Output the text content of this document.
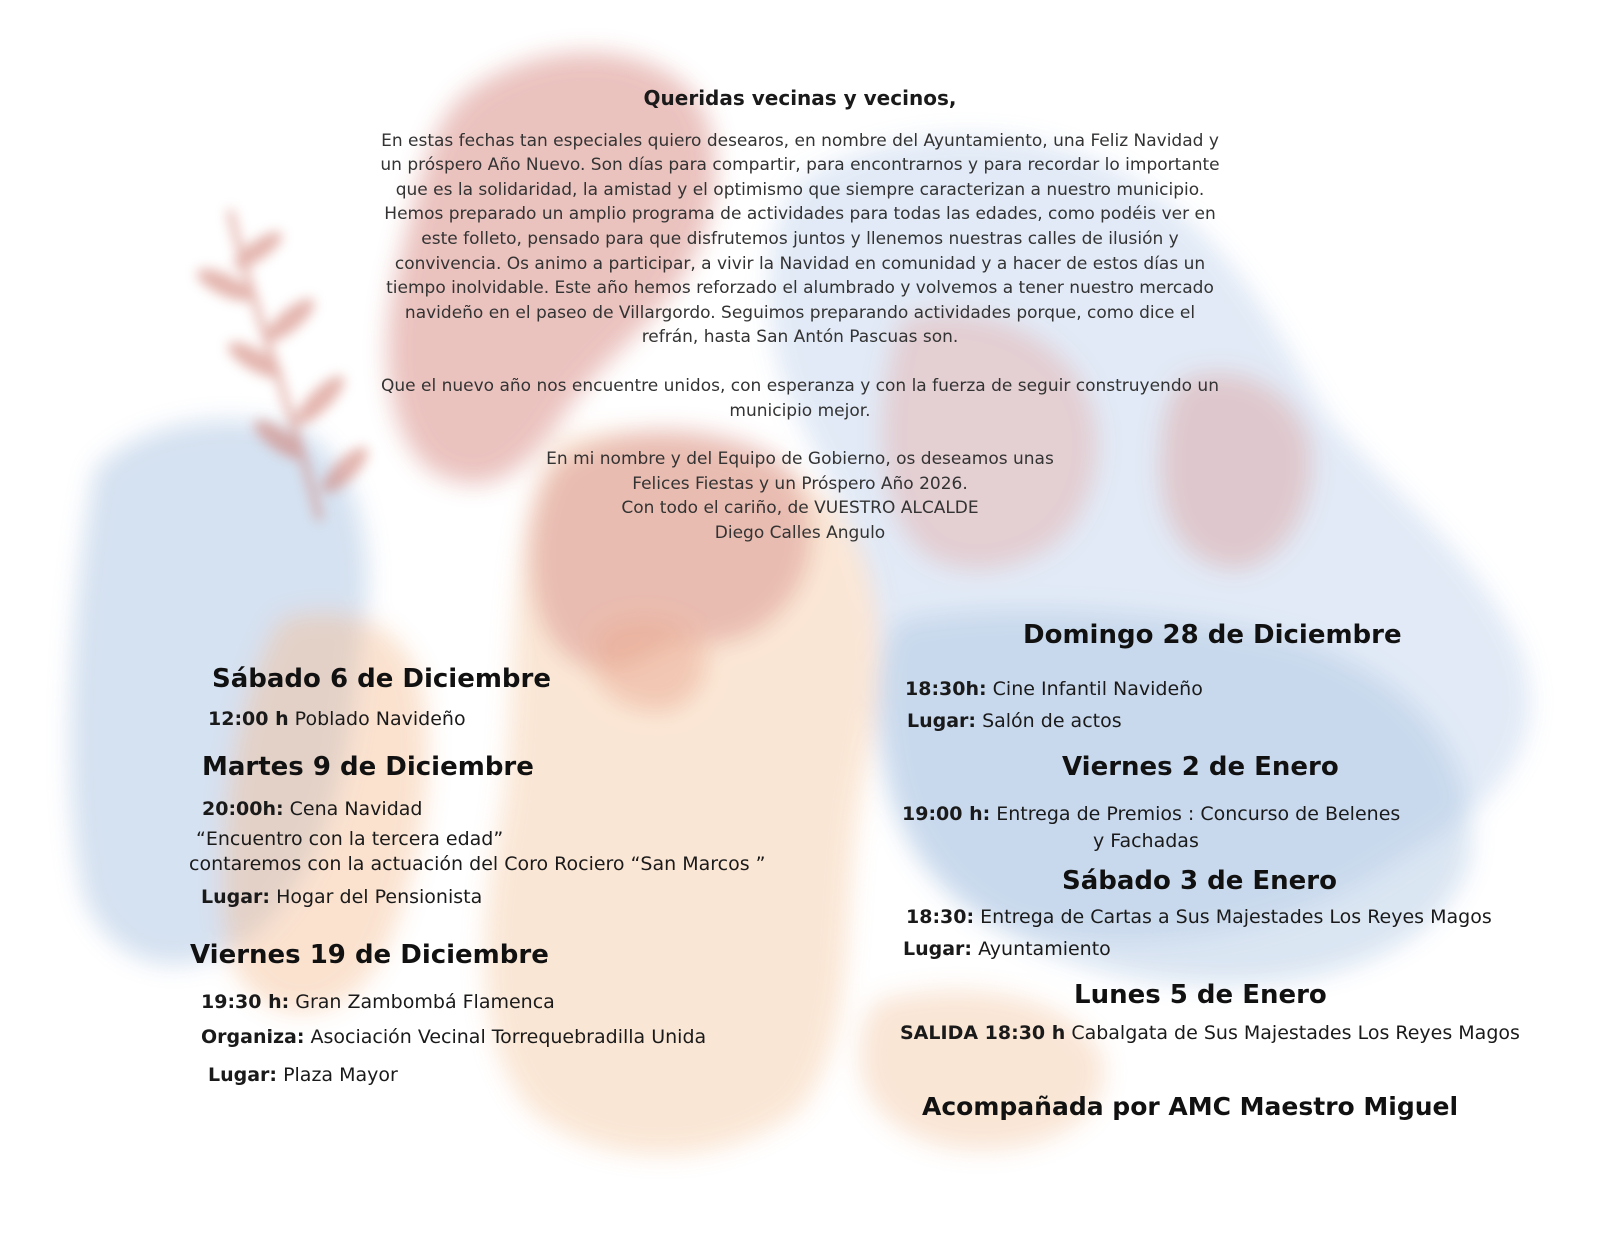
Queridas vecinas y vecinos,

En estas fechas tan especiales quiero desearos, en nombre del Ayuntamiento, una Feliz Navidad y un próspero Año Nuevo. Son días para compartir, para encontrarnos y para recordar lo importante que es la solidaridad, la amistad y el optimismo que siempre caracterizan a nuestro municipio.

Hemos preparado un amplio programa de actividades para todas las edades, como podéis ver en este folleto, pensado para que disfrutemos juntos y llenemos nuestras calles de ilusión y convivencia. Os animo a participar, a vivir la Navidad en comunidad y a hacer de estos días un tiempo inolvidable. Este año hemos reforzado el alumbrado y volvemos a tener nuestro mercado navideño en el paseo de Villargordo. Seguimos preparando actividades porque, como dice el refrán, hasta San Antón Pascuas son.

Que el nuevo año nos encuentre unidos, con esperanza y con la fuerza de seguir construyendo un municipio mejor.

En mi nombre y del Equipo de Gobierno, os deseamos unas

Felices Fiestas y un Próspero Año 2026.

Con todo el cariño, de VUESTRO ALCALDE

Diego Calles Angulo

Sábado 6 de Diciembre
12:00 h Poblado Navideño
Martes 9 de Diciembre
20:00h: Cena Navidad
“Encuentro con la tercera edad”
contaremos con la actuación del Coro Rociero “San Marcos ”
Lugar: Hogar del Pensionista
Viernes 19 de Diciembre
19:30 h: Gran Zambombá Flamenca
Organiza: Asociación Vecinal Torrequebradilla Unida
Lugar: Plaza Mayor
Domingo 28 de Diciembre
18:30h: Cine Infantil Navideño
Lugar: Salón de actos
Viernes 2 de Enero
19:00 h: Entrega de Premios : Concurso de Belenes
y Fachadas
Sábado 3 de Enero
18:30: Entrega de Cartas a Sus Majestades Los Reyes Magos
Lugar: Ayuntamiento
Lunes 5 de Enero
SALIDA 18:30 h Cabalgata de Sus Majestades Los Reyes Magos
Acompañada por AMC Maestro Miguel
